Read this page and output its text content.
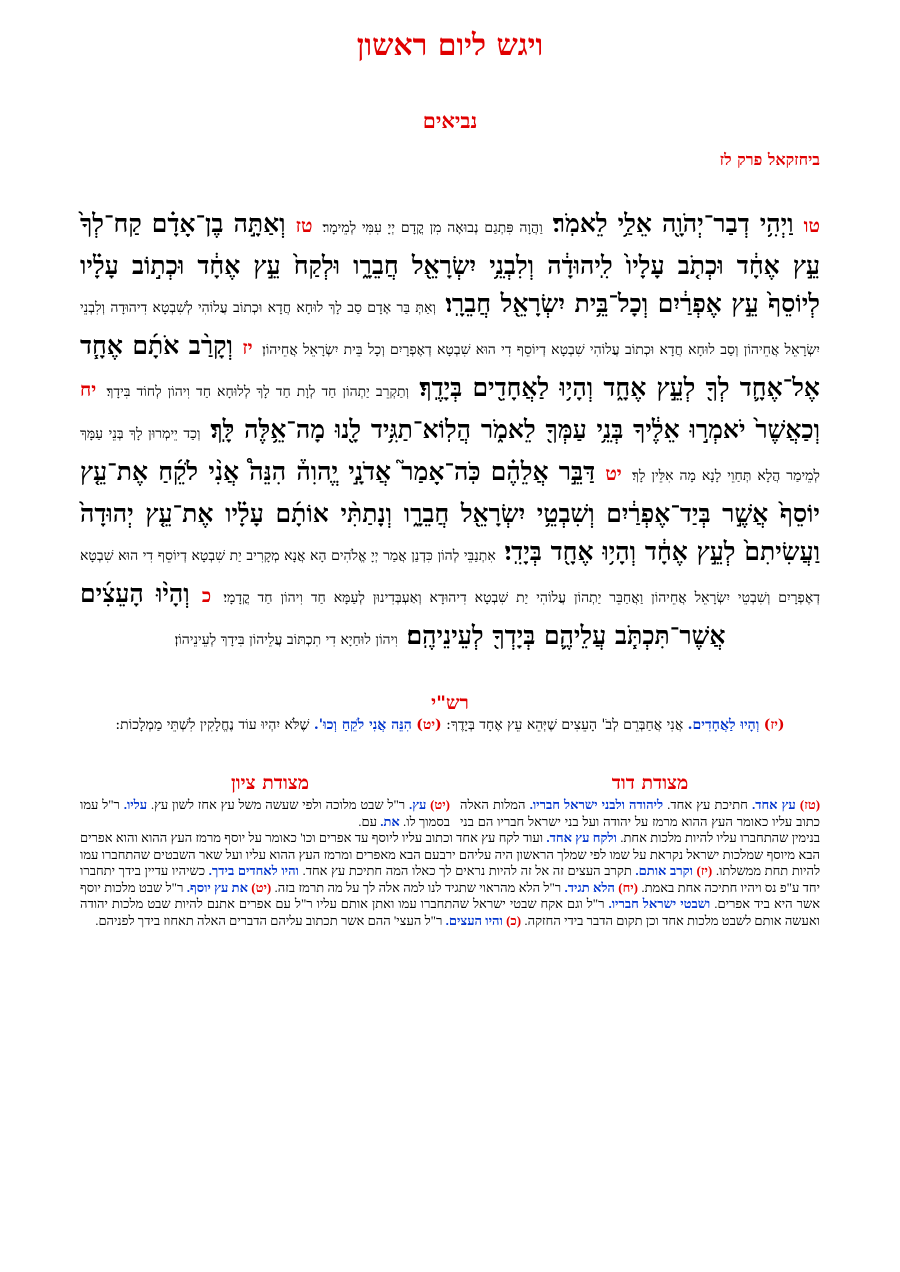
ויגש ליום ראשון
נביאים
ביחזקאל פרק לז
טו וַיְהִ֥י דְבַר־יְהֹוָ֖ה אֵלַ֥י לֵאמֹֽר׃ וַהֲוָה פִּתְגַם נְבוּאָה מִן קֳדָם יְיָ עִמִּי לְמֵימָר׃ טז וְאַתָּ֣ה בֶן־אָדָ֗ם קַח־לְךָ֙ עֵ֣ץ אֶחָ֔ד וּכְתֹ֤ב עָלָיו֙ לִֽיהוּדָ֔ה וְלִבְנֵ֥י יִשְׂרָאֵ֖ל חֲבֵרָ֑ו וּלְקַח֙ עֵ֣ץ אֶחָ֔ד וּכְת֣וֹב עָלָ֗יו לְיוֹסֵף֙ עֵ֣ץ אֶפְרַ֔יִם וְכָל־בֵּ֥ית יִשְׂרָאֵ֖ל חֲבֵרָֽו׃ וְאַתְּ בַּר אָדָם סַב לָךְ לוּחָא חֲדָא וּכְתוֹב עֲלוֹהִי לְשִׁבְטָא דִיהוּדָה וְלִבְנֵי יִשְׂרָאֵל אֲחֵיהוֹן וְסַב לוּחָא חֲדָא וּכְתוֹב עֲלוֹהִי שִׁבְטָא דְיוֹסֵף דִי הוּא שִׁבְטָא דְאֶפְרָיִם וְכָל בֵּית יִשְׂרָאֵל אֲחֵיהוֹן׃ יז וְקָרַ֨ב אֹתָ֜ם אֶחָ֧ד אֶל־אֶחָ֛ד לְךָ֖ לְעֵ֣ץ אֶחָ֑ד וְהָי֥וּ לַאֲחָדִ֖ים בְּיָדֶֽךָ׃ וְתַקְרֵב יַתְהוֹן חַד לְוָת חַד לָךְ לְלוּחָא חַד וִיהוֹן לְחוֹד בִּידָךְ׃ יח וְכַאֲשֶׁר֙ יֹאמְר֣וּ אֵלֶ֔יךָ בְּנֵ֥י עַמְּךָ֖ לֵאמֹ֑ר הֲלֽוֹא־תַגִּ֥יד לָ֖נוּ מָה־אֵ֥לֶּה לָּֽךְ׃ וְכַד יֵימְרוּן לָךְ בְּנֵי עַמָּךְ לְמֵימַר הֲלָא תְּחַוֵי לָנָא מָה אִלֵּין לָךְ׃ יט דַּבֵּ֣ר אֲלֵהֶ֗ם כֹּֽה־אָמַר֮ אֲדֹנָ֣י יֱהוִה֒ הִנֵּה֩ אֲנִ֨י לֹקֵ֜חַ אֶת־עֵ֤ץ יוֹסֵף֙ אֲשֶׁ֣ר בְּיַד־אֶפְרַ֔יִם וְשִׁבְטֵ֥י יִשְׂרָאֵ֖ל חֲבֵרָ֑ו וְנָתַתִּ֨י אוֹתָ֜ם עָלָ֗יו אֶת־עֵ֤ץ יְהוּדָה֙ וַעֲשִׂיתִם֙ לְעֵ֣ץ אֶחָ֔ד וְהָי֥וּ אֶחָ֖ד בְּיָדִֽי׃ אִתְנַבֵּי לְהוֹן כִּדְנַן אֲמַר יְיָ אֱלֹהִים הָא אֲנָא מְקָרִיב יַת שִׁבְטָא דְיוֹסֵף דִי הוּא שִׁבְטָא דְאֶפְרָיִם וְשִׁבְטֵי יִשְׂרָאֵל אֲחֵיהוֹן וַאֲחַבֵּר יַתְהוֹן עֲלוֹהִי יַת שִׁבְטָא דִיהוּדָא וְאַעְבְּדִינוּן לְעַמָּא חַד וִיהוֹן חַד קֳדָמָי׃ כ וְהָי֨וּ הָעֵצִ֜ים אֲשֶׁר־תִּכְתֹּ֧ב עֲלֵיהֶ֛ם בְּיָדְךָ֖ לְעֵינֵיהֶֽם׃ וִיהוֹן לוּחַיָא דִי תִכְתּוֹב עֲלֵיהוֹן בִּידָךְ לְעֵינֵיהוֹן׃
רש"י
(יז) וְהָיוּ לַאֲחָדִים. אֲנִי אֲחַבְּרֵם לְבֹ' הָעֵצִים שֶׁיְּהֵא עֵץ אֶחָד בְּיָדֶךָ: (יט) הִנֵּה אֲנִי לֹקֵחַ וְכוּ'. שֶׁלֹּא יִהְיוּ עוֹד נֶחֱלָקִין לִשְׁתֵּי מַמְלָכוֹת:
מצודת דוד
מצודת ציון
(יט) עץ. ר"ל שבט מלוכה ולפי שעשה משל עץ אחז לשון עץ. עליו. ר"ל עמו בסמוך לו. את. עם.
(טז) עץ אחד. חתיכת עץ אחד. ליהודה ולבני ישראל חבריו. המלות האלה כתוב עליו כאומר העץ ההוא מרמז על יהודה ועל בני ישראל חבריו הם בני בנימין שהתחברו עליו להיות מלכות אחת. ולקח עץ אחד. ועוד לקח עץ אחד וכתוב עליו ליוסף עד אפרים וכו' כאומר על יוסף מרמז העץ ההוא והוא אפרים הבא מיוסף שמלכות ישראל נקראת על שמו לפי שמלך הראשון היה עליהם ירבעם הבא מאפרים ומרמז העץ ההוא עליו ועל שאר השבטים שהתחברו עמו להיות תחת ממשלתו. (יז) וקרב אותם. תקרב העצים זה אל זה להיות נראים לך כאלו המה חתיכת עץ אחד. והיו לאחדים בידך. כשיהיו עדיין בידך יתחברו יחד ע"פ נס ויהיו חתיכה אחת באמת. (יח) הלא תגיד. ר"ל הלא מהראוי שתגיד לנו למה אלה לך על מה תרמז בזה. (יט) את עץ יוסף. ר"ל שבט מלכות יוסף אשר היא ביד אפרים. ושבטי ישראל חבריו. ר"ל וגם אקח שבטי ישראל שהתחברו עמו ואתן אותם עליו ר"ל עם אפרים אתנם להיות שבט מלכות יהודה ואעשה אותם לשבט מלכות אחד וכן תקום הדבר בידי החזקה. (כ) והיו העצים. ר"ל העצי' ההם אשר תכתוב עליהם הדברים האלה תאחוז בידך לפניהם.
